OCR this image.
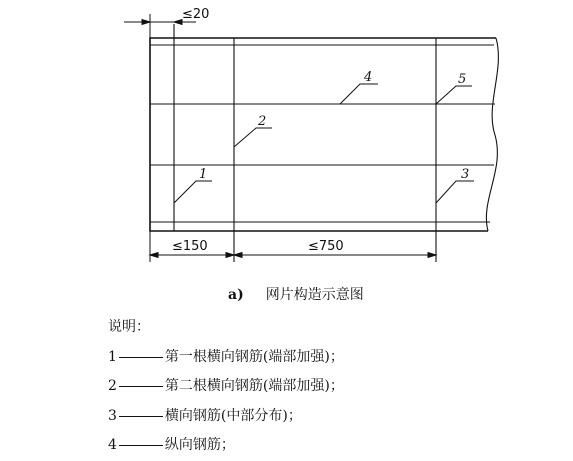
≤20
≤150	≤750
1
2
3
4	5
a) 网片构造示意图
说明：
1	第一根横向钢筋(端部加强)；
2	第二根横向钢筋(端部加强)；
3	横向钢筋(中部分布)；
4	纵向钢筋；
